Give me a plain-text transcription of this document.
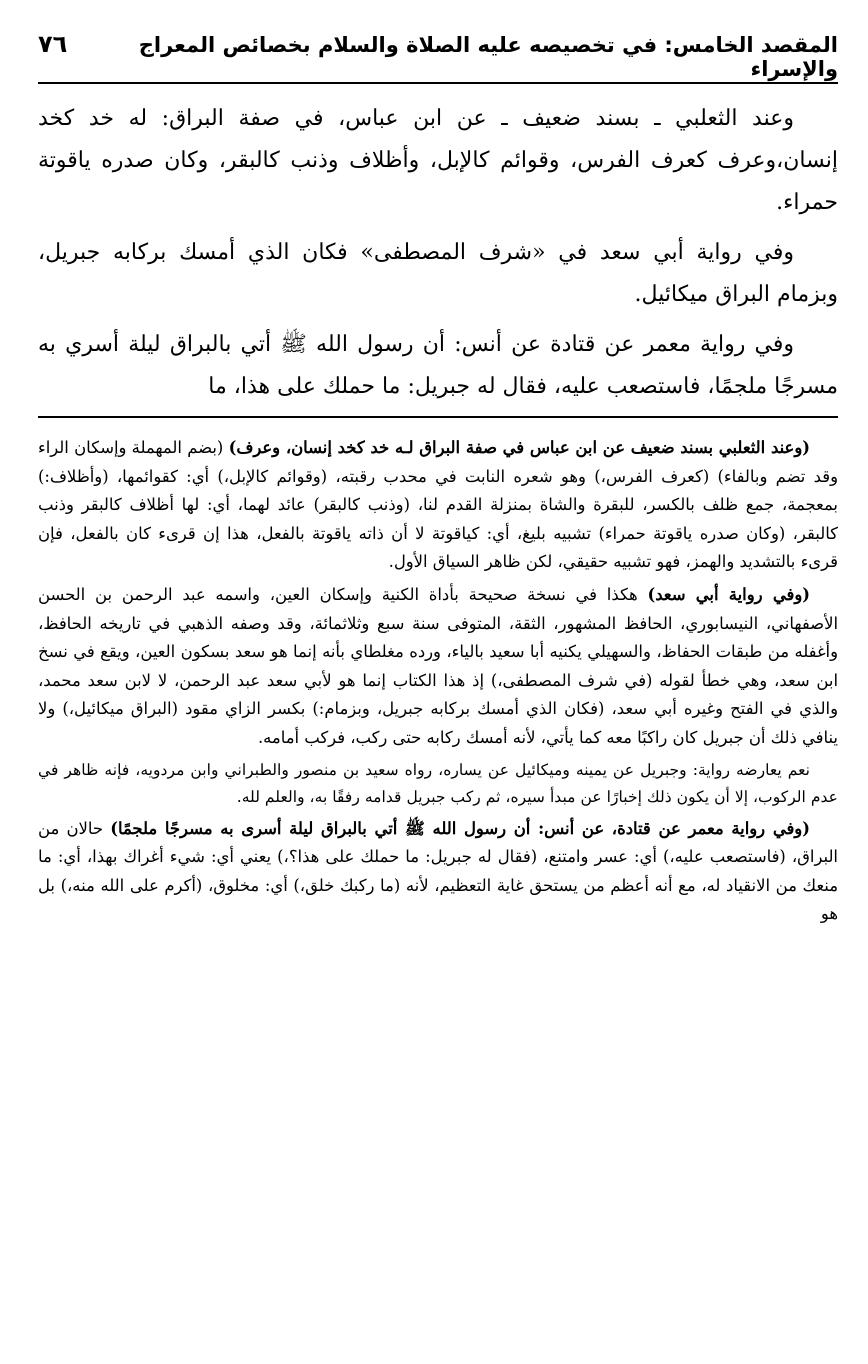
المقصد الخامس: في تخصيصه عليه الصلاة والسلام بخصائص المعراج والإسراء
٧٦

وعند الثعلبي ـ بسند ضعيف ـ عن ابن عباس، في صفة البراق: له خد كخد إنسان،وعرف كعرف الفرس، وقوائم كالإبل، وأظلاف وذنب كالبقر، وكان صدره ياقوتة حمراء.

وفي رواية أبي سعد في «شرف المصطفى» فكان الذي أمسك بركابه جبريل، وبزمام البراق ميكائيل.

وفي رواية معمر عن قتادة عن أنس: أن رسول الله ﷺ أتي بالبراق ليلة أسري به مسرجًا ملجمًا، فاستصعب عليه، فقال له جبريل: ما حملك على هذا، ما

(وعند الثعلبي بسند ضعيف عن ابن عباس في صفة البراق لـه خد كخد إنسان، وعرف) (بضم المهملة وإسكان الراء وقد تضم وبالفاء) (كعرف الفرس،) وهو شعره النابت في محدب رقبته، (وقوائم كالإبل،) أي: كقوائمها، (وأظلاف:) بمعجمة، جمع ظلف بالكسر، للبقرة والشاة بمنزلة القدم لنا، (وذنب كالبقر) عائد لهما، أي: لها أظلاف كالبقر وذنب كالبقر، (وكان صدره ياقوتة حمراء) تشبيه بليغ، أي: كياقوتة لا أن ذاته ياقوتة بالفعل، هذا إن قرىء كان بالفعل، فإن قرىء بالتشديد والهمز، فهو تشبيه حقيقي، لكن ظاهر السياق الأول.

(وفي رواية أبي سعد) هكذا في نسخة صحيحة بأداة الكنية وإسكان العين، واسمه عبد الرحمن بن الحسن الأصفهاني، النيسابوري، الحافظ المشهور، الثقة، المتوفى سنة سبع وثلاثمائة، وقد وصفه الذهبي في تاريخه الحافظ، وأغفله من طبقات الحفاظ، والسهيلي يكنيه أبا سعيد بالياء، ورده مغلطاي بأنه إنما هو سعد بسكون العين، ويقع في نسخ ابن سعد، وهي خطأ لقوله (في شرف المصطفى،) إذ هذا الكتاب إنما هو لأبي سعد عبد الرحمن، لا لابن سعد محمد، والذي في الفتح وغيره أبي سعد، (فكان الذي أمسك بركابه جبريل، وبزمام:) بكسر الزاي مقود (البراق ميكائيل،) ولا ينافي ذلك أن جبريل كان راكبًا معه كما يأتي، لأنه أمسك ركابه حتى ركب، فركب أمامه.

نعم يعارضه رواية: وجبريل عن يمينه وميكائيل عن يساره، رواه سعيد بن منصور والطبراني وابن مردويه، فإنه ظاهر في عدم الركوب، إلا أن يكون ذلك إخبارًا عن مبدأ سيره، ثم ركب جبريل قدامه رفقًا به، والعلم لله.

(وفي رواية معمر عن قتادة، عن أنس: أن رسول الله ﷺ أتي بالبراق ليلة أسرى به مسرجًا ملجمًا) حالان من البراق، (فاستصعب عليه،) أي: عسر وامتنع، (فقال له جبريل: ما حملك على هذا؟،) يعني أي: شيء أغراك بهذا، أي: ما منعك من الانقياد له، مع أنه أعظم من يستحق غاية التعظيم، لأنه (ما ركبك خلق،) أي: مخلوق، (أكرم على الله منه،) بل هو
